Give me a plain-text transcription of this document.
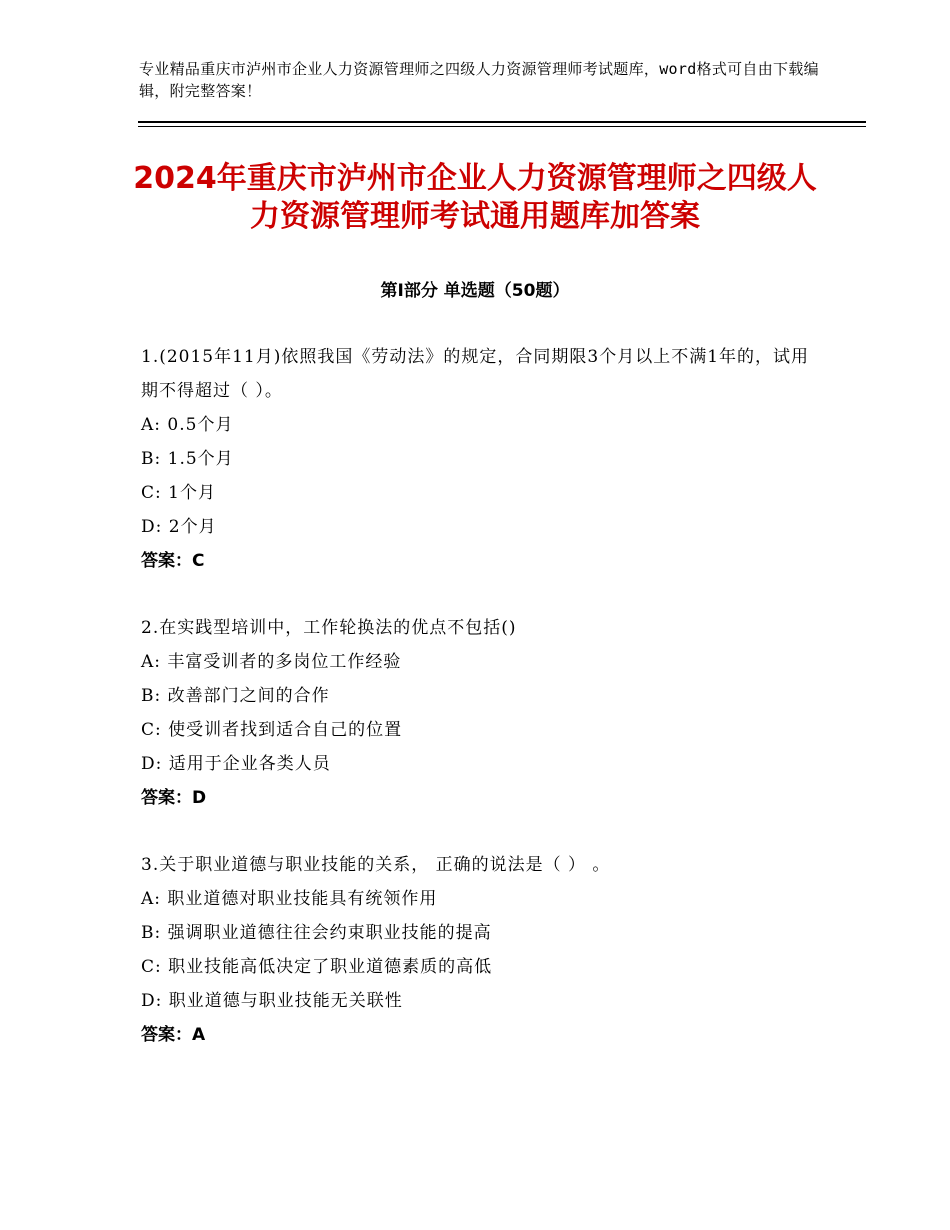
专业精品重庆市泸州市企业人力资源管理师之四级人力资源管理师考试题库，word格式可自由下载编辑，附完整答案！
2024年重庆市泸州市企业人力资源管理师之四级人力资源管理师考试通用题库加答案
第Ⅰ部分 单选题（50题）
1.(2015年11月)依照我国《劳动法》的规定，合同期限3个月以上不满1年的，试用期不得超过（ ）。
A: 0.5个月
B: 1.5个月
C: 1个月
D: 2个月
答案：C
2.在实践型培训中，工作轮换法的优点不包括()
A: 丰富受训者的多岗位工作经验
B: 改善部门之间的合作
C: 使受训者找到适合自己的位置
D: 适用于企业各类人员
答案：D
3.关于职业道德与职业技能的关系， 正确的说法是（ ） 。
A: 职业道德对职业技能具有统领作用
B: 强调职业道德往往会约束职业技能的提高
C: 职业技能高低决定了职业道德素质的高低
D: 职业道德与职业技能无关联性
答案：A
